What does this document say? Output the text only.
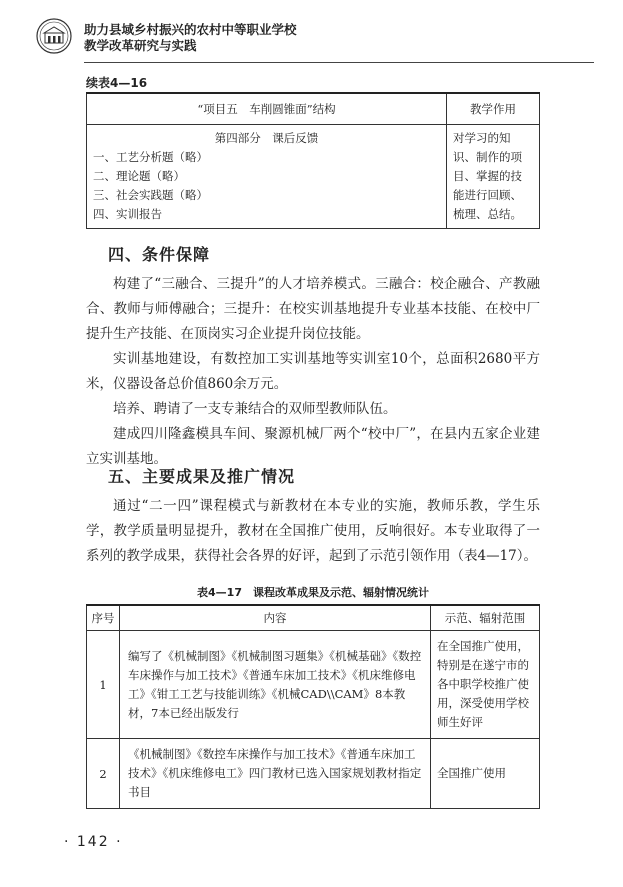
助力县域乡村振兴的农村中等职业学校
教学改革研究与实践
续表4—16
“项目五　车削圆锥面”结构	教学作用

第四部分　课后反馈
一、工艺分析题（略）
二、理论题（略）
三、社会实践题（略）
四、实训报告	对学习的知识、制作的项目、掌握的技能进行回顾、梳理、总结。
四、条件保障

构建了“三融合、三提升”的人才培养模式。三融合：校企融合、产教融合、教师与师傅融合；三提升：在校实训基地提升专业基本技能、在校中厂提升生产技能、在顶岗实习企业提升岗位技能。

实训基地建设，有数控加工实训基地等实训室10个，总面积2680平方米，仪器设备总价值860余万元。

培养、聘请了一支专兼结合的双师型教师队伍。

建成四川隆鑫模具车间、聚源机械厂两个“校中厂”，在县内五家企业建立实训基地。

五、主要成果及推广情况

通过“二一四”课程模式与新教材在本专业的实施，教师乐教，学生乐学，教学质量明显提升，教材在全国推广使用，反响很好。本专业取得了一系列的教学成果，获得社会各界的好评，起到了示范引领作用（表4—17）。

表4—17　课程改革成果及示范、辐射情况统计
序号	内容	示范、辐射范围
1	编写了《机械制图》《机械制图习题集》《机械基础》《数控车床操作与加工技术》《普通车床加工技术》《机床维修电工》《钳工工艺与技能训练》《机械CAD\\CAM》8本教材，7本已经出版发行	在全国推广使用，特别是在遂宁市的各中职学校推广使用，深受使用学校师生好评
2	《机械制图》《数控车床操作与加工技术》《普通车床加工技术》《机床维修电工》四门教材已选入国家规划教材指定书目	全国推广使用
· 142 ·
